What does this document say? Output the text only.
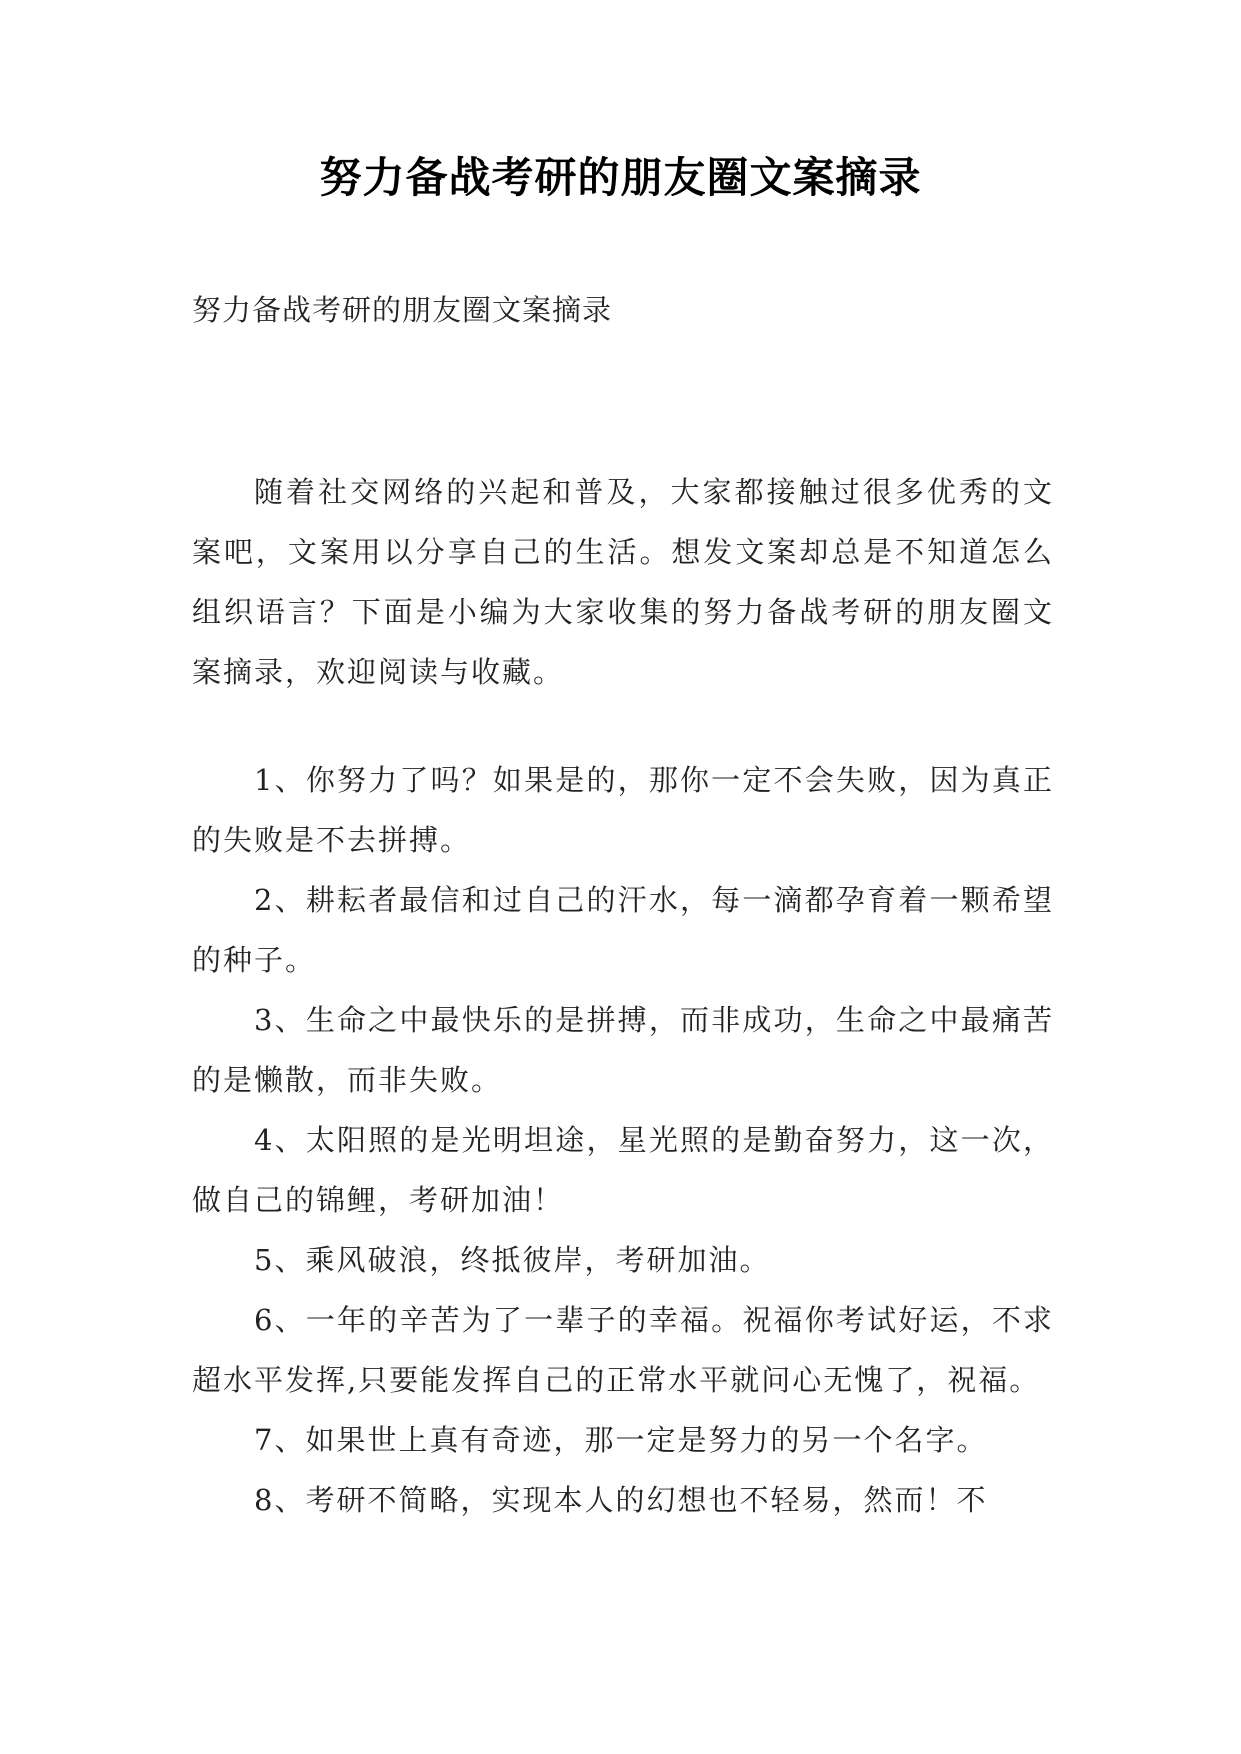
努力备战考研的朋友圈文案摘录
努力备战考研的朋友圈文案摘录

随着社交网络的兴起和普及，大家都接触过很多优秀的文案吧，文案用以分享自己的生活。想发文案却总是不知道怎么组织语言？下面是小编为大家收集的努力备战考研的朋友圈文案摘录，欢迎阅读与收藏。

1、你努力了吗？如果是的，那你一定不会失败，因为真正的失败是不去拼搏。

2、耕耘者最信和过自己的汗水，每一滴都孕育着一颗希望的种子。

3、生命之中最快乐的是拼搏，而非成功，生命之中最痛苦的是懒散，而非失败。

4、太阳照的是光明坦途，星光照的是勤奋努力，这一次，做自己的锦鲤，考研加油！

5、乘风破浪，终抵彼岸，考研加油。

6、一年的辛苦为了一辈子的幸福。祝福你考试好运，不求超水平发挥,只要能发挥自己的正常水平就问心无愧了，祝福。

7、如果世上真有奇迹，那一定是努力的另一个名字。

8、考研不简略，实现本人的幻想也不轻易，然而！不
